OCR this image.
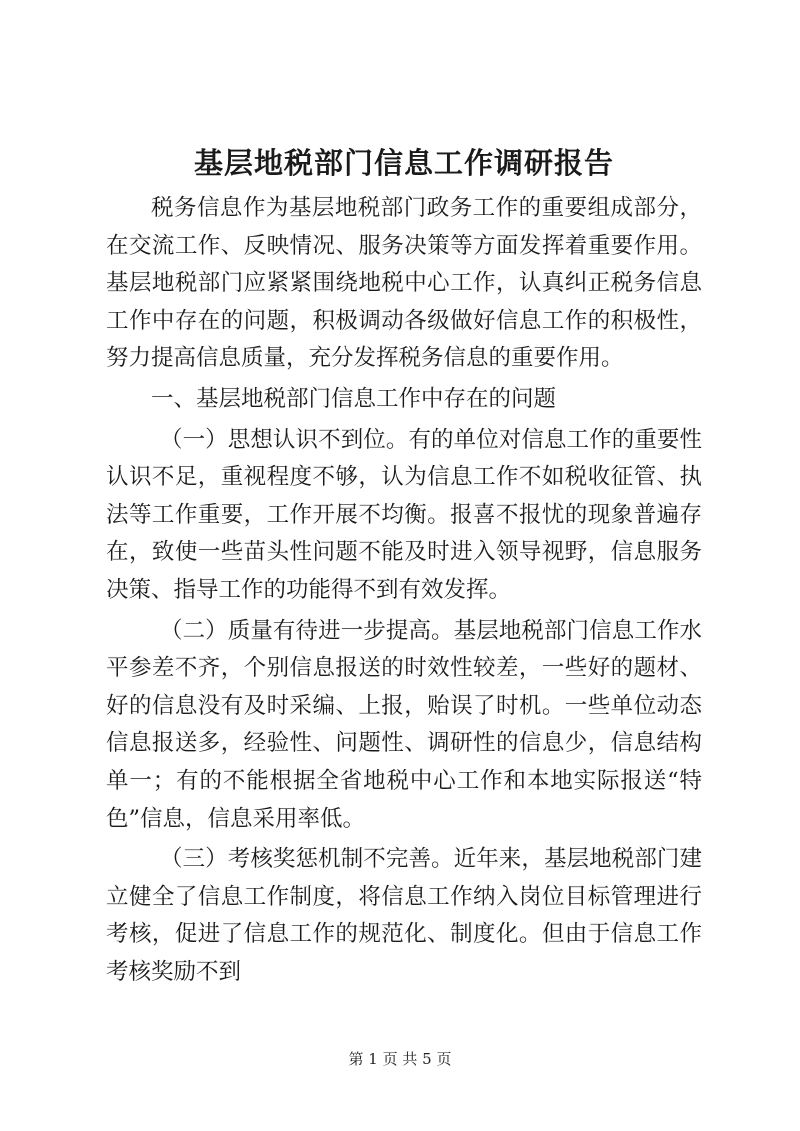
基层地税部门信息工作调研报告

税务信息作为基层地税部门政务工作的重要组成部分，在交流工作、反映情况、服务决策等方面发挥着重要作用。基层地税部门应紧紧围绕地税中心工作，认真纠正税务信息工作中存在的问题，积极调动各级做好信息工作的积极性，努力提高信息质量，充分发挥税务信息的重要作用。

一、基层地税部门信息工作中存在的问题

（一）思想认识不到位。有的单位对信息工作的重要性认识不足，重视程度不够，认为信息工作不如税收征管、执法等工作重要，工作开展不均衡。报喜不报忧的现象普遍存在，致使一些苗头性问题不能及时进入领导视野，信息服务决策、指导工作的功能得不到有效发挥。

（二）质量有待进一步提高。基层地税部门信息工作水平参差不齐，个别信息报送的时效性较差，一些好的题材、好的信息没有及时采编、上报，贻误了时机。一些单位动态信息报送多，经验性、问题性、调研性的信息少，信息结构单一；有的不能根据全省地税中心工作和本地实际报送“特色”信息，信息采用率低。

（三）考核奖惩机制不完善。近年来，基层地税部门建立健全了信息工作制度，将信息工作纳入岗位目标管理进行考核，促进了信息工作的规范化、制度化。但由于信息工作考核奖励不到

第 1 页 共 5 页
